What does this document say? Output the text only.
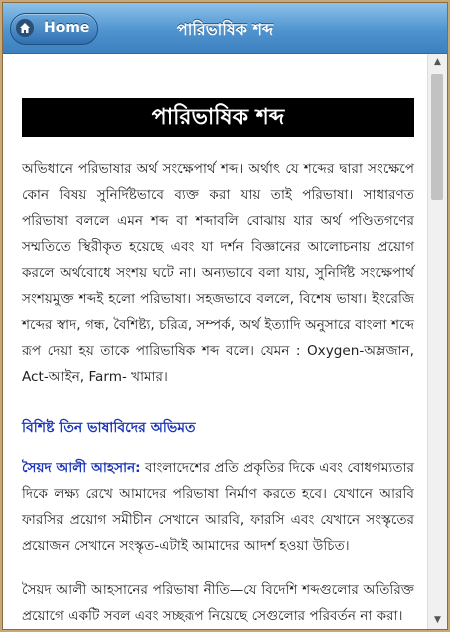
Home	পারিভাষিক শব্দ
পারিভাষিক শব্দ

অভিধানে পরিভাষার অর্থ সংক্ষেপার্থ শব্দ। অর্থাৎ যে শব্দের দ্বারা সংক্ষেপে কোন বিষয় সুনির্দিষ্টভাবে ব্যক্ত করা যায় তাই পরিভাষা। সাধারণত পরিভাষা বললে এমন শব্দ বা শব্দাবলি বোঝায় যার অর্থ পণ্ডিতগণের সম্মতিতে স্থিরীকৃত হয়েছে এবং যা দর্শন বিজ্ঞানের আলোচনায় প্রয়োগ করলে অর্থবোধে সংশয় ঘটে না। অন্যভাবে বলা যায়, সুনির্দিষ্ট সংক্ষেপার্থ সংশয়মুক্ত শব্দই হলো পরিভাষা। সহজভাবে বললে, বিশেষ ভাষা। ইংরেজি শব্দের স্বাদ, গন্ধ, বৈশিষ্ট্য, চরিত্র, সম্পর্ক, অর্থ ইত্যাদি অনুসারে বাংলা শব্দে রূপ দেয়া হয় তাকে পারিভাষিক শব্দ বলে। যেমন : Oxygen-অম্লজান, Act-আইন, Farm- খামার।

বিশিষ্ট তিন ভাষাবিদের অভিমত

সৈয়দ আলী আহসান: বাংলাদেশের প্রতি প্রকৃতির দিকে এবং বোধগম্যতার দিকে লক্ষ্য রেখে আমাদের পরিভাষা নির্মাণ করতে হবে। যেখানে আরবি ফারসির প্রয়োগ সমীচীন সেখানে আরবি, ফারসি এবং যেখানে সংস্কৃতের প্রয়োজন সেখানে সংস্কৃত-এটাই আমাদের আদর্শ হওয়া উচিত।

সৈয়দ আলী আহসানের পরিভাষা নীতি—যে বিদেশি শব্দগুলোর অতিরিক্ত প্রয়োগে একটি সবল এবং সচ্ছরূপ নিয়েছে সেগুলোর পরিবর্তন না করা।

▲
▼
